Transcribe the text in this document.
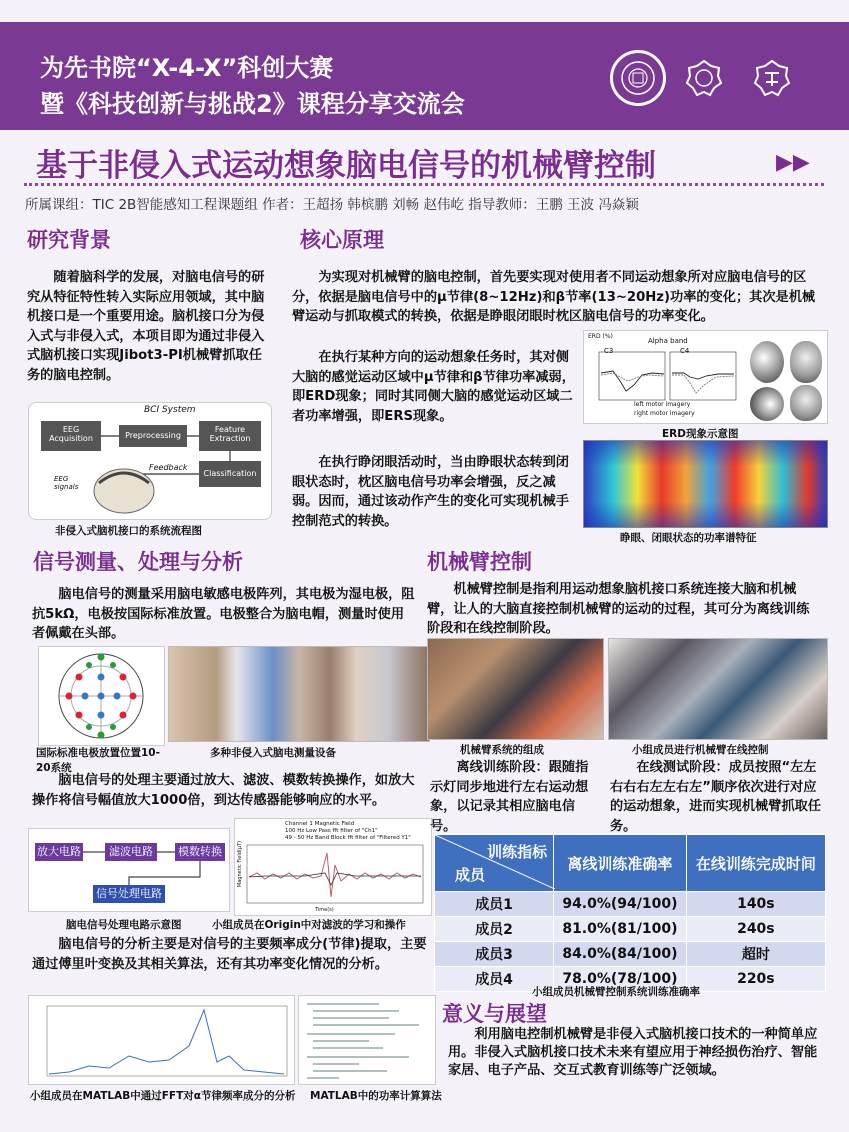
为先书院“X-4-X”科创大赛
暨《科技创新与挑战2》课程分享交流会
基于非侵入式运动想象脑电信号的机械臂控制	▶▶
所属课组：TIC 2B智能感知工程课题组 作者：王超扬 韩槟鹏 刘畅 赵伟屹 指导教师：王鹏 王波 冯焱颖
研究背景
随着脑科学的发展，对脑电信号的研究从特征特性转入实际应用领域，其中脑机接口是一个重要用途。脑机接口分为侵入式与非侵入式，本项目即为通过非侵入式脑机接口实现Jibot3-PI机械臂抓取任务的脑电控制。
BCI System
EEG Acquisition	Preprocessing
Feature Extraction
Classification
Feedback
EEG signals
非侵入式脑机接口的系统流程图
核心原理
为实现对机械臂的脑电控制，首先要实现对使用者不同运动想象所对应脑电信号的区分，依据是脑电信号中的μ节律(8~12Hz)和β节率(13~20Hz)功率的变化；其次是机械臂运动与抓取模式的转换，依据是睁眼闭眼时枕区脑电信号的功率变化。
在执行某种方向的运动想象任务时，其对侧大脑的感觉运动区域中μ节律和β节律功率减弱，即ERD现象；同时其同侧大脑的感觉运动区域二者功率增强，即ERS现象。
在执行睁闭眼活动时，当由睁眼状态转到闭眼状态时，枕区脑电信号功率会增强，反之减弱。因而，通过该动作产生的变化可实现机械手控制范式的转换。
ERD (%)
Alpha band
C3	C4
left motor imagery
right motor imagery
ERD现象示意图
睁眼、闭眼状态的功率谱特征
信号测量、处理与分析
脑电信号的测量采用脑电敏感电极阵列，其电极为湿电极，阻抗5kΩ，电极按国际标准放置。电极整合为脑电帽，测量时使用者佩戴在头部。
国际标准电极放置位置10-20系统
多种非侵入式脑电测量设备
脑电信号的处理主要通过放大、滤波、模数转换操作，如放大操作将信号幅值放大1000倍，到达传感器能够响应的水平。
放大电路	滤波电路	模数转换
信号处理电路
Channel 1 Magnetic Field
100 Hz Low Pass fft filter of "Ch1"
49 - 50 Hz Band Block fft filter of "Filtered Y1"
Magnetic Field(µT)
Time(s)
脑电信号处理电路示意图	小组成员在Origin中对滤波的学习和操作
脑电信号的分析主要是对信号的主要频率成分(节律)提取，主要通过傅里叶变换及其相关算法，还有其功率变化情况的分析。
小组成员在MATLAB中通过FFT对α节律频率成分的分析 MATLAB中的功率计算算法
机械臂控制
机械臂控制是指利用运动想象脑机接口系统连接大脑和机械臂，让人的大脑直接控制机械臂的运动的过程，其可分为离线训练阶段和在线控制阶段。
机械臂系统的组成	小组成员进行机械臂在线控制
离线训练阶段：跟随指示灯同步地进行左右运动想象，以记录其相应脑电信号。
在线测试阶段：成员按照“左左右右右左左右左”顺序依次进行对应的运动想象，进而实现机械臂抓取任务。
训练指标
成员	离线训练准确率	在线训练完成时间
成员1	94.0%(94/100)	140s
成员2	81.0%(81/100)	240s
成员3	84.0%(84/100)	超时
成员4	78.0%(78/100)	220s
小组成员机械臂控制系统训练准确率
意义与展望
利用脑电控制机械臂是非侵入式脑机接口技术的一种简单应用。非侵入式脑机接口技术未来有望应用于神经损伤治疗、智能家居、电子产品、交互式教育训练等广泛领域。
